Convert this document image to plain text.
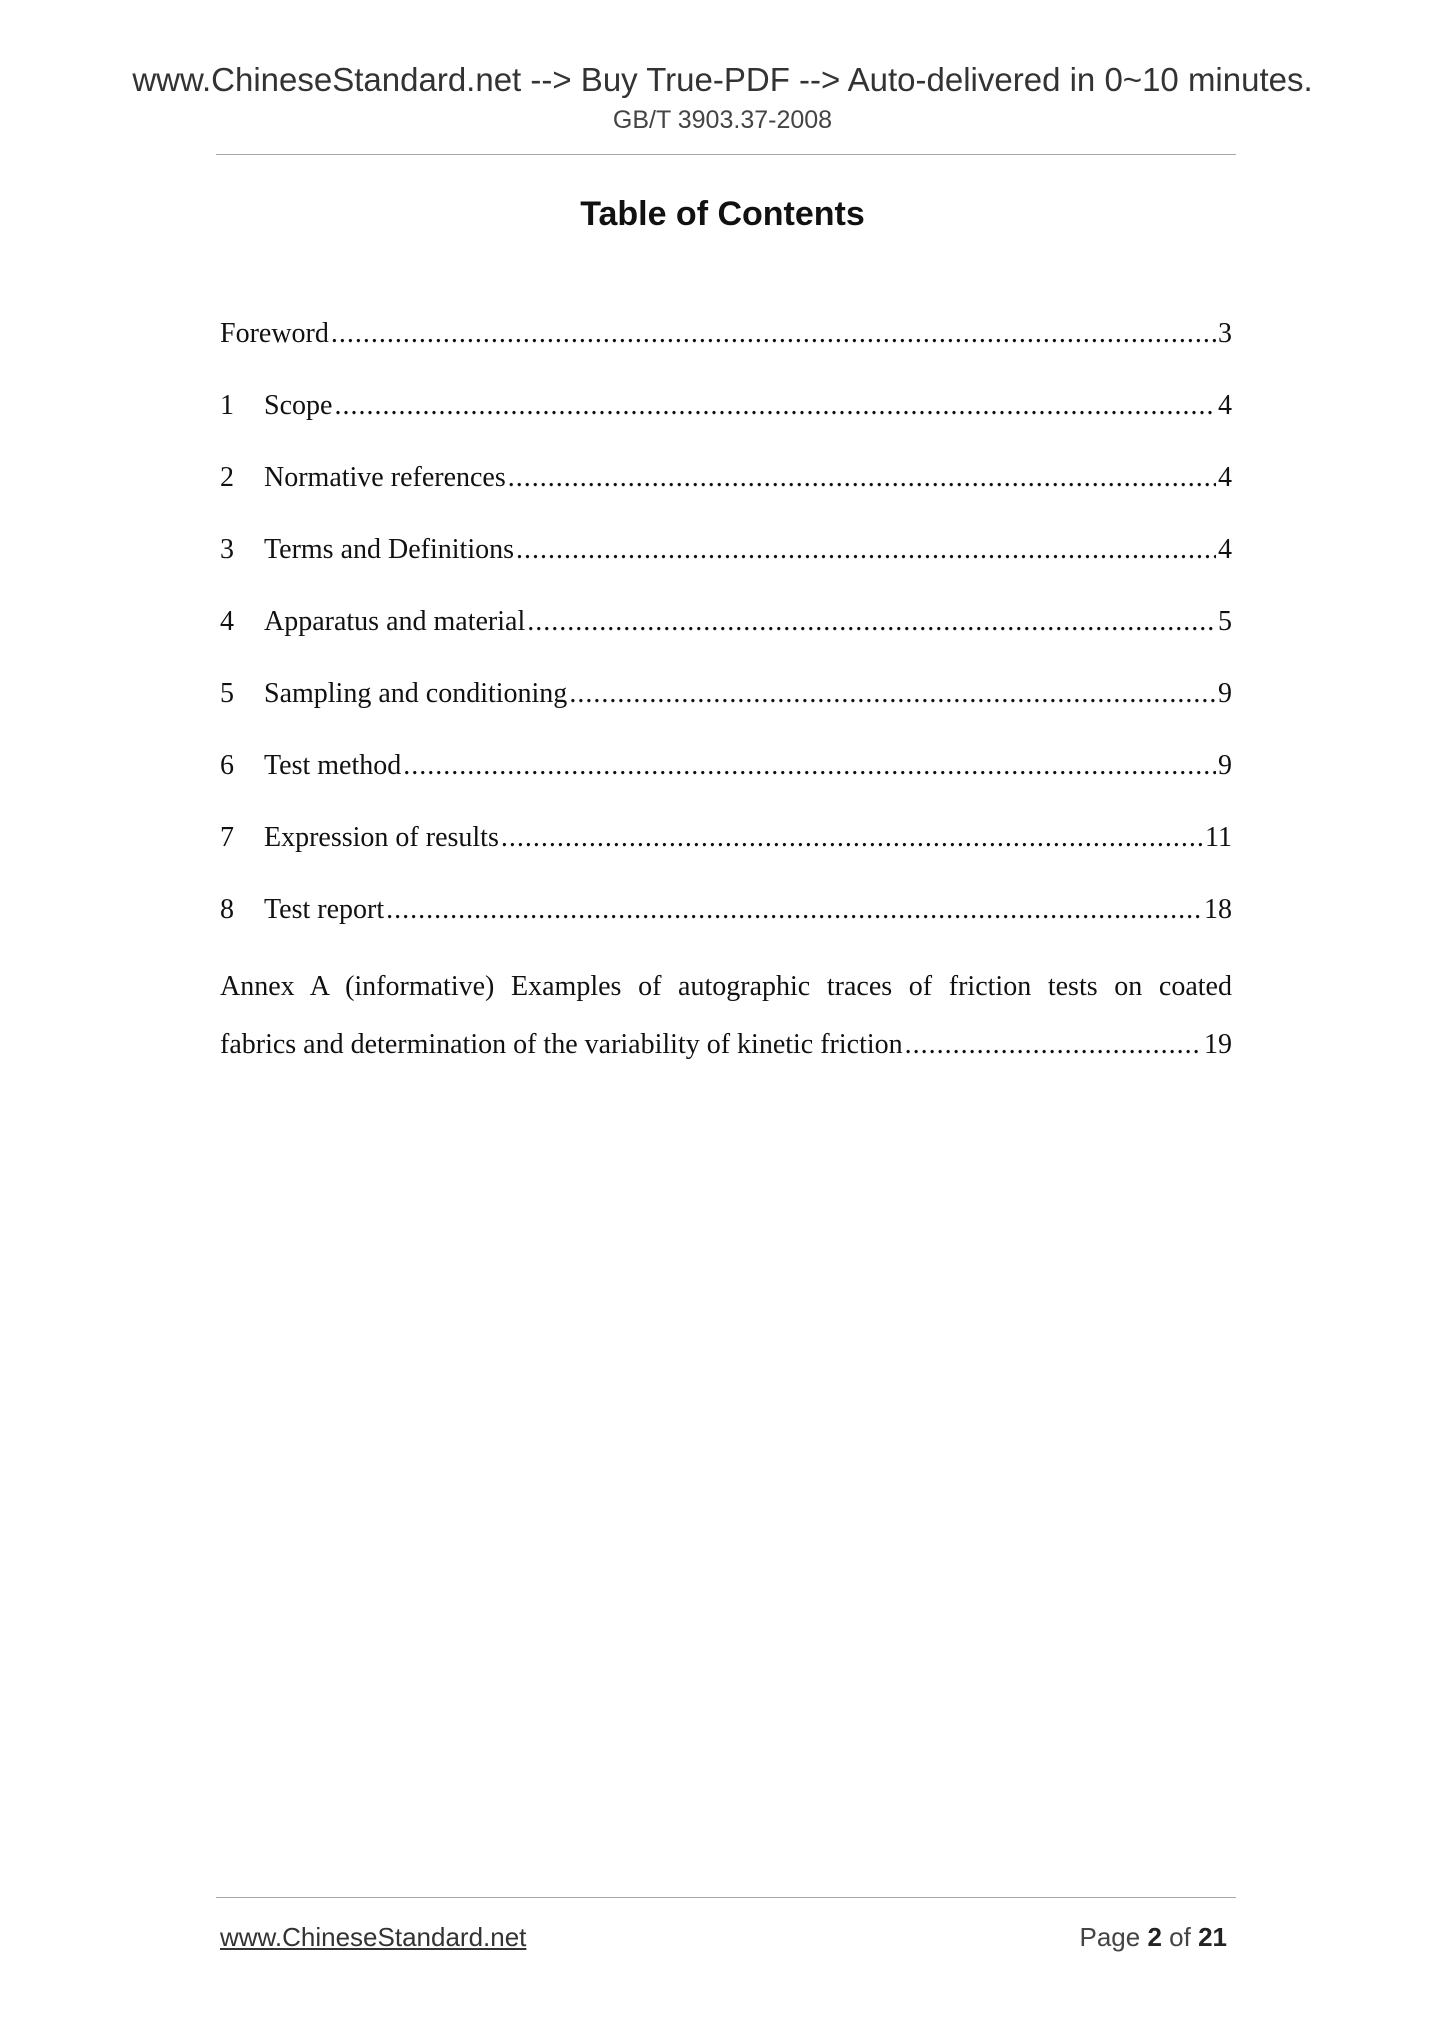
www.ChineseStandard.net --> Buy True-PDF --> Auto-delivered in 0~10 minutes.
GB/T 3903.37-2008
Table of Contents
Foreword .....	3
1	Scope .....	4
2	Normative references .....	4
3	Terms and Definitions .....	4
4	Apparatus and material .....	5
5	Sampling and conditioning .....	9
6	Test method .....	9
7	Expression of results .....	11
8	Test report .....	18
Annex A (informative) Examples of autographic traces of friction tests on coated
fabrics and determination of the variability of kinetic friction .....	19
www.ChineseStandard.net	Page 2 of 21
